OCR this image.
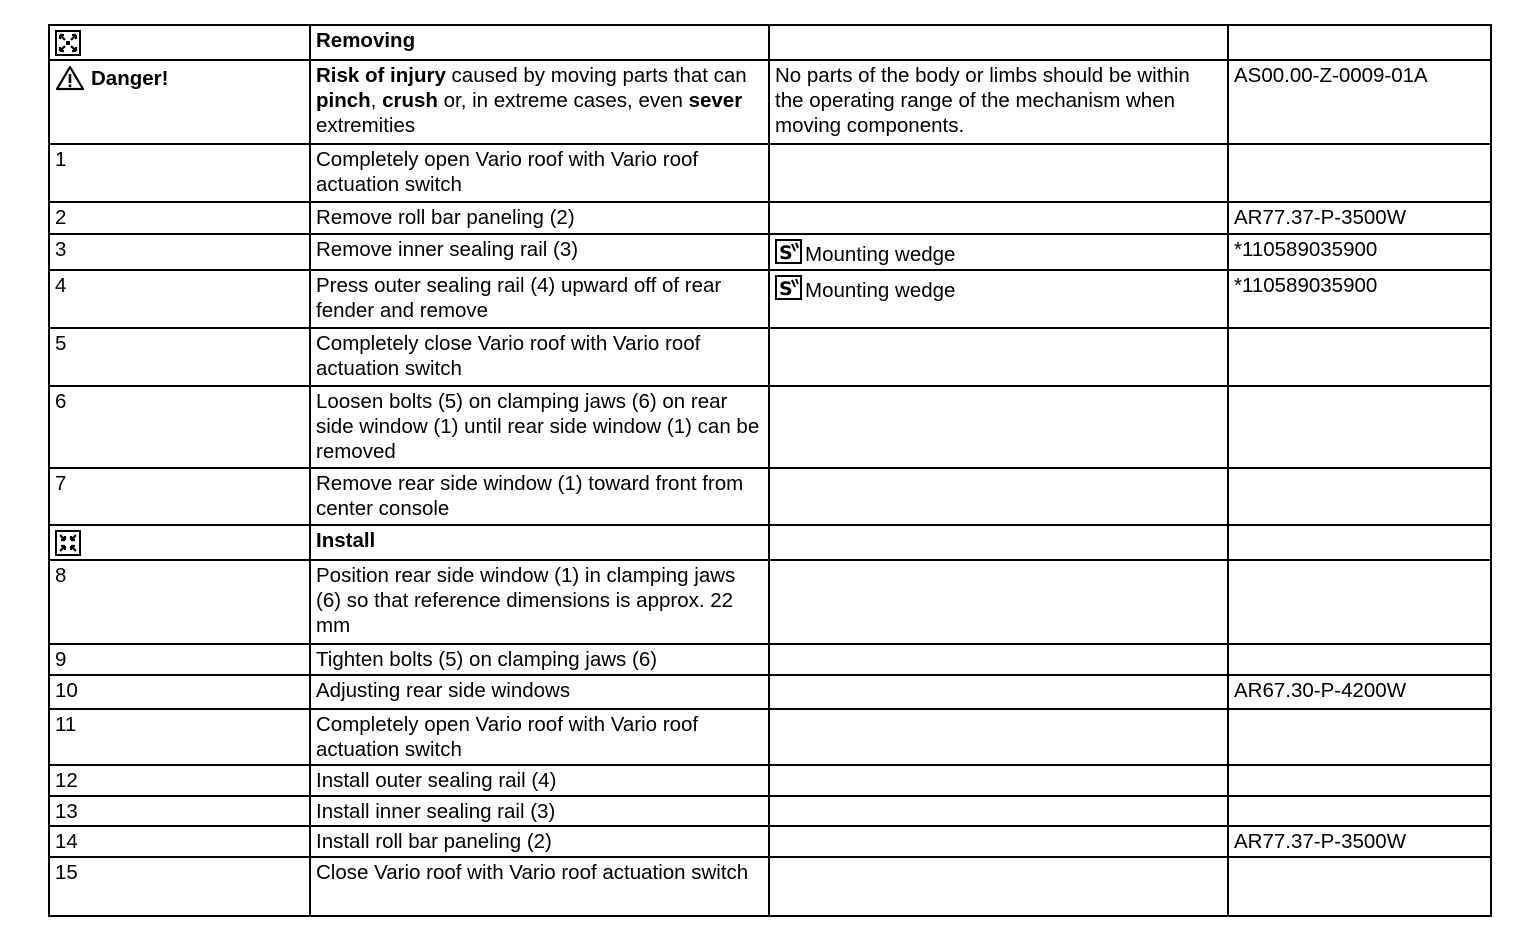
	Removing		

Danger!	Risk of injury caused by moving parts that can pinch, crush or, in extreme cases, even sever extremities	No parts of the body or limbs should be within the operating range of the mechanism when moving components.	AS00.00-Z-0009-01A
1	Completely open Vario roof with Vario roof actuation switch		
2	Remove roll bar paneling (2)		AR77.37-P-3500W
3	Remove inner sealing rail (3)	S Mounting wedge	*110589035900
4	Press outer sealing rail (4) upward off of rear fender and remove	S Mounting wedge	*110589035900
5	Completely close Vario roof with Vario roof actuation switch		
6	Loosen bolts (5) on clamping jaws (6) on rear side window (1) until rear side window (1) can be removed		
7	Remove rear side window (1) toward front from center console		
	Install		
8	Position rear side window (1) in clamping jaws (6) so that reference dimensions is approx. 22 mm		
9	Tighten bolts (5) on clamping jaws (6)		
10	Adjusting rear side windows		AR67.30-P-4200W
11	Completely open Vario roof with Vario roof actuation switch		
12	Install outer sealing rail (4)		
13	Install inner sealing rail (3)		
14	Install roll bar paneling (2)		AR77.37-P-3500W
15	Close Vario roof with Vario roof actuation switch		
